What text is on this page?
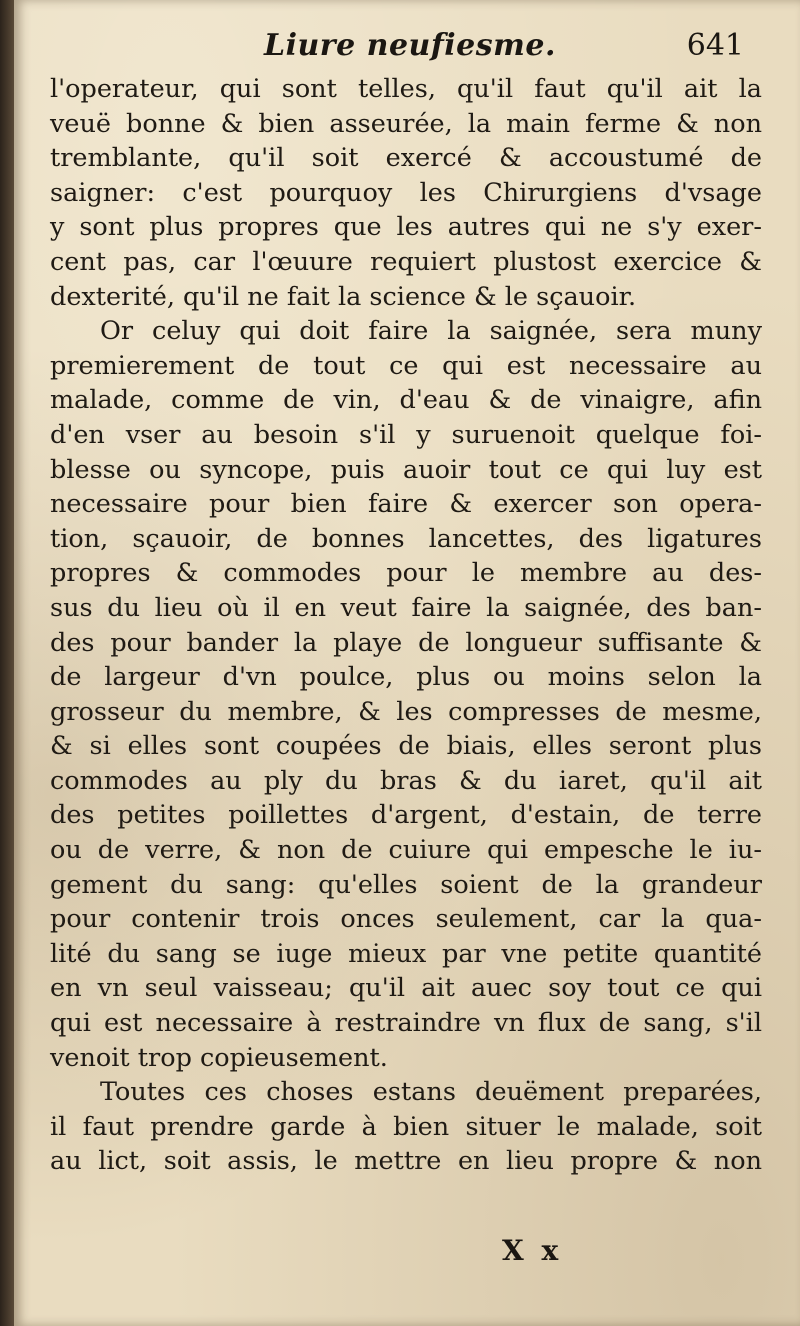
Liure neufiesme.	641
l'operateur, qui sont telles, qu'il faut qu'il ait la
veuë bonne & bien asseurée, la main ferme & non
tremblante, qu'il soit exercé & accoustumé de
saigner: c'est pourquoy les Chirurgiens d'vsage
y sont plus propres que les autres qui ne s'y exer-
cent pas, car l'œuure requiert plustost exercice &
dexterité, qu'il ne fait la science & le sçauoir.
Or celuy qui doit faire la saignée, sera muny
premierement de tout ce qui est necessaire au
malade, comme de vin, d'eau & de vinaigre, afin
d'en vser au besoin s'il y suruenoit quelque foi-
blesse ou syncope, puis auoir tout ce qui luy est
necessaire pour bien faire & exercer son opera-
tion, sçauoir, de bonnes lancettes, des ligatures
propres & commodes pour le membre au des-
sus du lieu où il en veut faire la saignée, des ban-
des pour bander la playe de longueur suffisante &
de largeur d'vn poulce, plus ou moins selon la
grosseur du membre, & les compresses de mesme,
& si elles sont coupées de biais, elles seront plus
commodes au ply du bras & du iaret, qu'il ait
des petites poillettes d'argent, d'estain, de terre
ou de verre, & non de cuiure qui empesche le iu-
gement du sang: qu'elles soient de la grandeur
pour contenir trois onces seulement, car la qua-
lité du sang se iuge mieux par vne petite quantité
en vn seul vaisseau; qu'il ait auec soy tout ce qui
qui est necessaire à restraindre vn flux de sang, s'il
venoit trop copieusement.
Toutes ces choses estans deuëment preparées,
il faut prendre garde à bien situer le malade, soit
au lict, soit assis, le mettre en lieu propre & non
X x
